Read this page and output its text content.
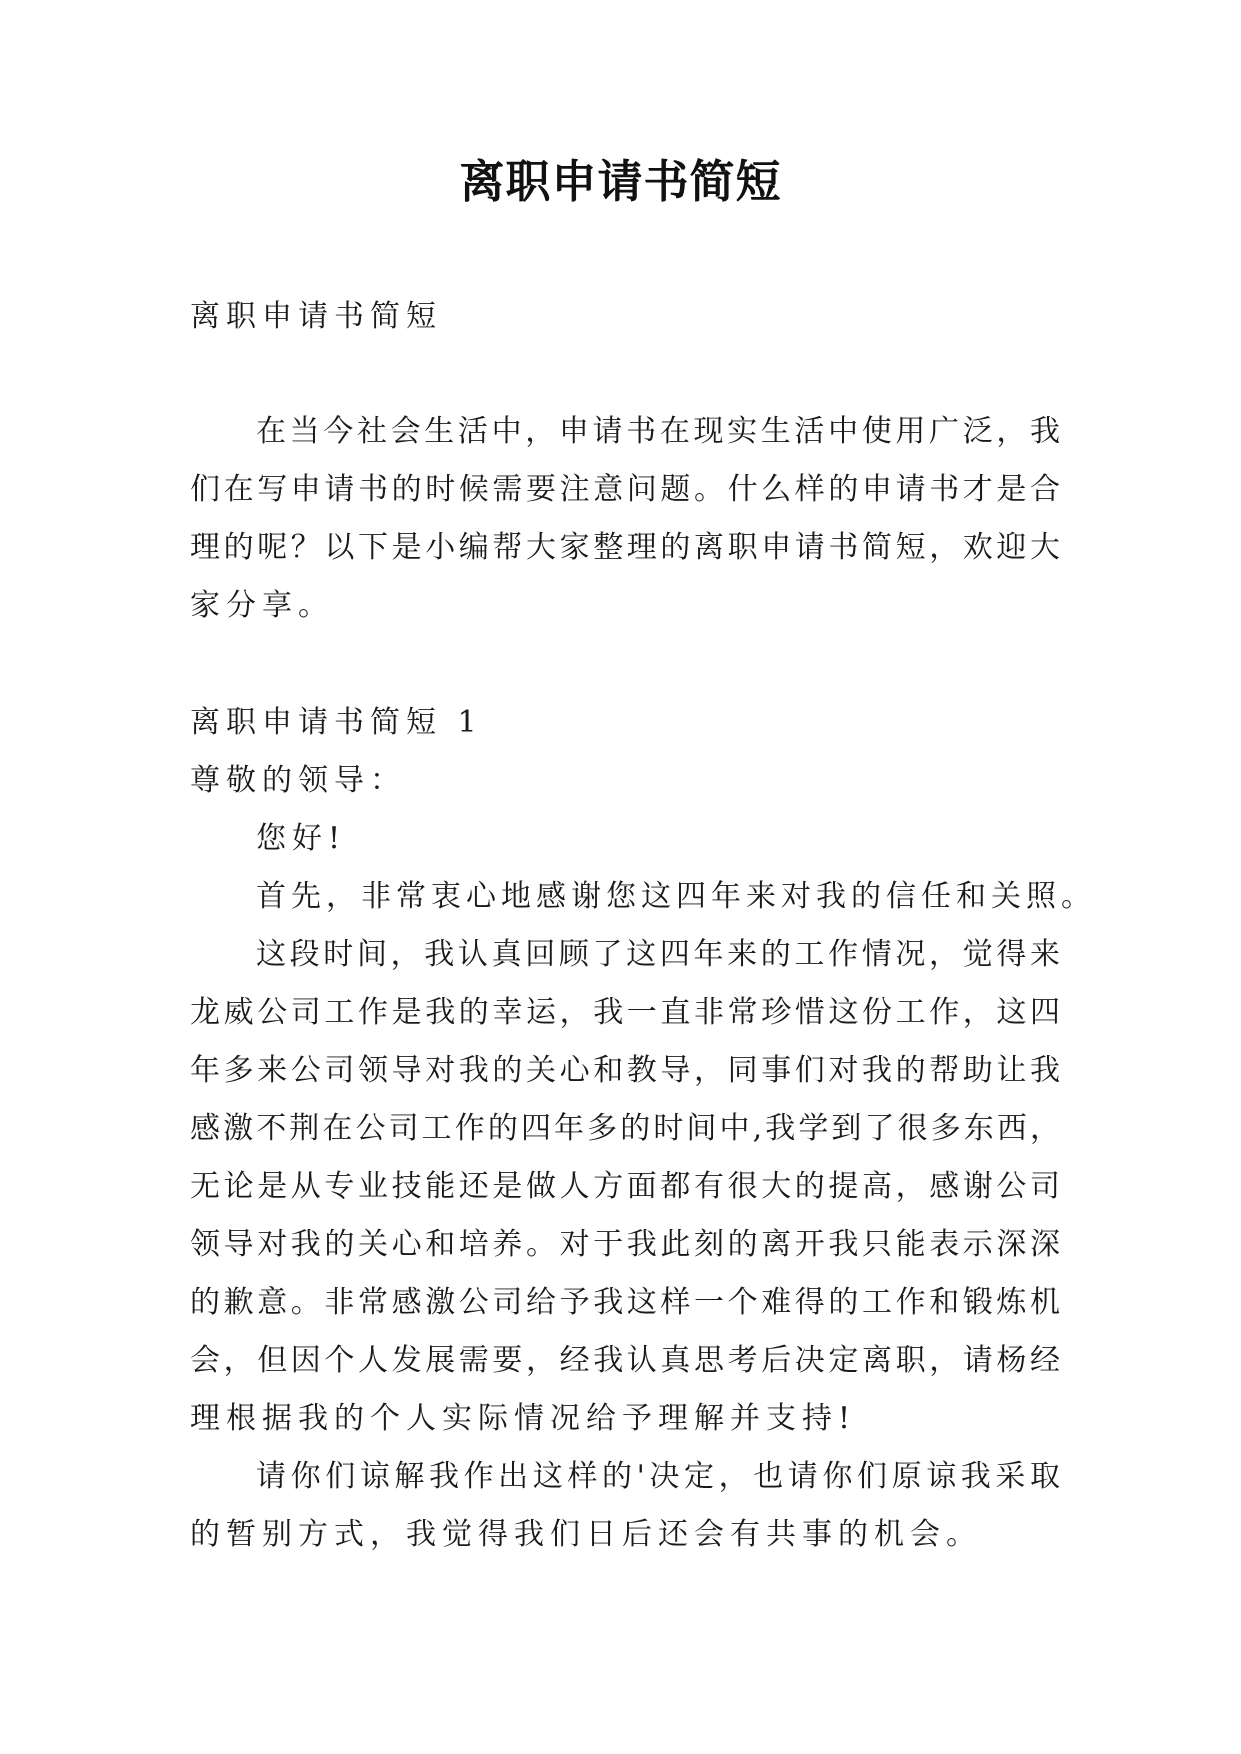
离职申请书简短
离职申请书简短
在当今社会生活中，申请书在现实生活中使用广泛，我
们在写申请书的时候需要注意问题。什么样的申请书才是合
理的呢？以下是小编帮大家整理的离职申请书简短，欢迎大
家分享。
离职申请书简短 1
尊敬的领导：
您好!
首先，非常衷心地感谢您这四年来对我的信任和关照。
这段时间，我认真回顾了这四年来的工作情况，觉得来
龙威公司工作是我的幸运，我一直非常珍惜这份工作，这四
年多来公司领导对我的关心和教导，同事们对我的帮助让我
感激不荆在公司工作的四年多的时间中,我学到了很多东西，
无论是从专业技能还是做人方面都有很大的提高，感谢公司
领导对我的关心和培养。对于我此刻的离开我只能表示深深
的歉意。非常感激公司给予我这样一个难得的工作和锻炼机
会，但因个人发展需要，经我认真思考后决定离职，请杨经
理根据我的个人实际情况给予理解并支持!
请你们谅解我作出这样的'决定，也请你们原谅我采取
的暂别方式，我觉得我们日后还会有共事的机会。
